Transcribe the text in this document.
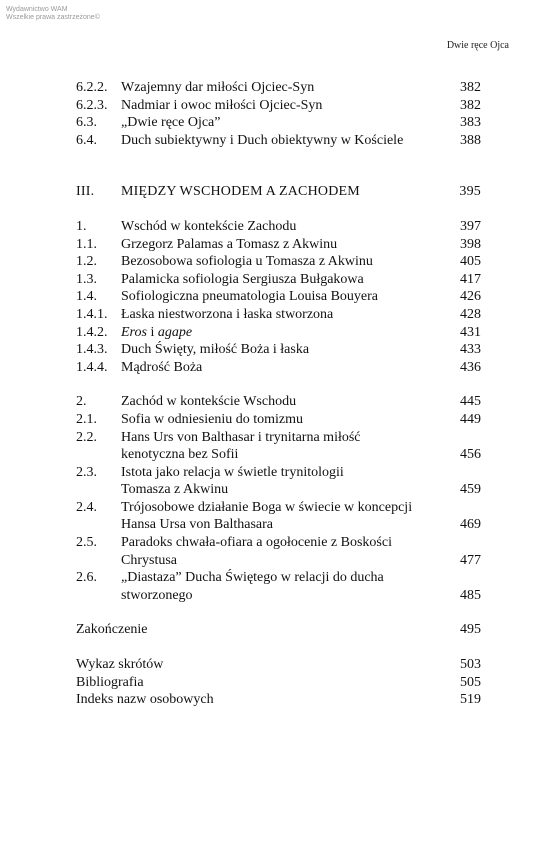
Wydawnictwo WAM
Wszelkie prawa zastrzeżone©
Dwie ręce Ojca
6.2.2. Wzajemny dar miłości Ojciec-Syn	382
6.2.3. Nadmiar i owoc miłości Ojciec-Syn	382
6.3. „Dwie ręce Ojca”	383
6.4. Duch subiektywny i Duch obiektywny w Kościele	388
III. MIĘDZY WSCHODEM A ZACHODEM	395
1. Wschód w kontekście Zachodu	397
1.1. Grzegorz Palamas a Tomasz z Akwinu	398
1.2. Bezosobowa sofiologia u Tomasza z Akwinu	405
1.3. Palamicka sofiologia Sergiusza Bułgakowa	417
1.4. Sofiologiczna pneumatologia Louisa Bouyera	426
1.4.1. Łaska niestworzona i łaska stworzona	428
1.4.2. Eros i agape	431
1.4.3. Duch Święty, miłość Boża i łaska	433
1.4.4. Mądrość Boża	436
2. Zachód w kontekście Wschodu	445
2.1. Sofia w odniesieniu do tomizmu	449
2.2. Hans Urs von Balthasar i trynitarna miłość
kenotyczna bez Sofii	456
2.3. Istota jako relacja w świetle trynitologii
Tomasza z Akwinu	459
2.4. Trójosobowe działanie Boga w świecie w koncepcji
Hansa Ursa von Balthasara	469
2.5. Paradoks chwała-ofiara a ogołocenie z Boskości
Chrystusa	477
2.6. „Diastaza” Ducha Świętego w relacji do ducha
stworzonego	485
Zakończenie	495
Wykaz skrótów	503
Bibliografia	505
Indeks nazw osobowych	519
